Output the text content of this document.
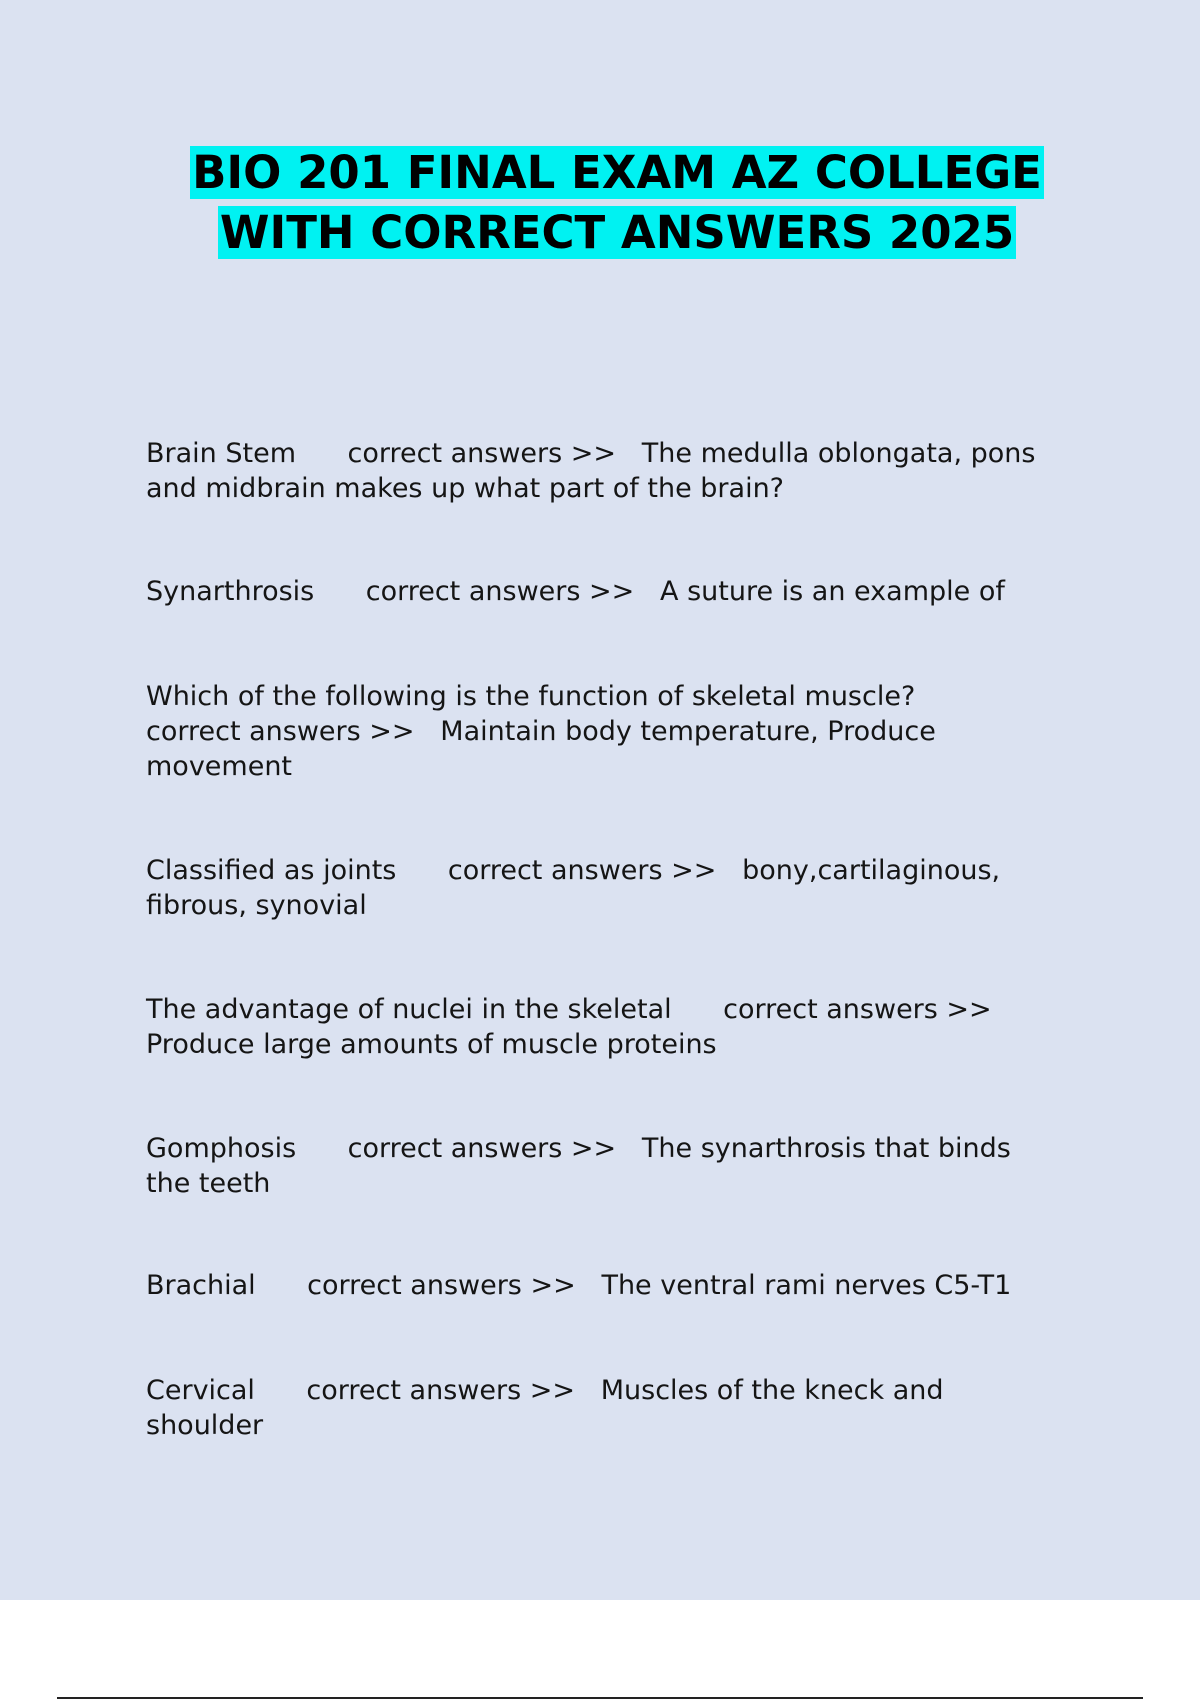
BIO 201 FINAL EXAM AZ COLLEGE
WITH CORRECT ANSWERS 2025
Brain Stem      correct answers >>   The medulla oblongata, pons
and midbrain makes up what part of the brain?
Synarthrosis      correct answers >>   A suture is an example of
Which of the following is the function of skeletal muscle?
correct answers >>   Maintain body temperature, Produce
movement
Classified as joints      correct answers >>   bony,cartilaginous,
fibrous, synovial
The advantage of nuclei in the skeletal      correct answers >>
Produce large amounts of muscle proteins
Gomphosis      correct answers >>   The synarthrosis that binds
the teeth
Brachial      correct answers >>   The ventral rami nerves C5-T1
Cervical      correct answers >>   Muscles of the kneck and
shoulder
